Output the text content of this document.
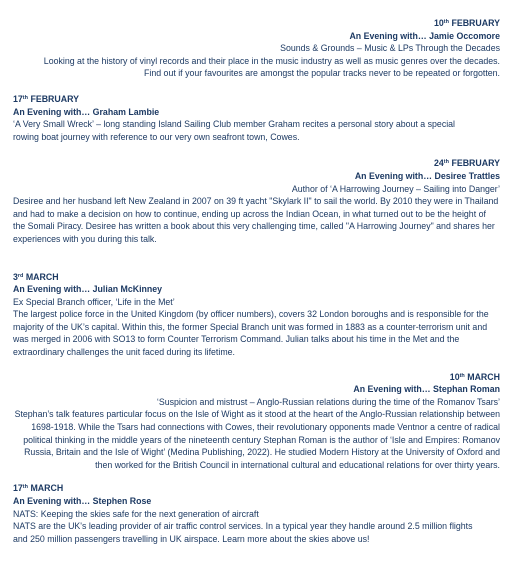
10th FEBRUARY
An Evening with… Jamie Occomore
Sounds & Grounds – Music & LPs Through the Decades
Looking at the history of vinyl records and their place in the music industry as well as music genres over the decades. Find out if your favourites are amongst the popular tracks never to be repeated or forgotten.
17th FEBRUARY
An Evening with… Graham Lambie
‘A Very Small Wreck’ – long standing Island Sailing Club member Graham recites a personal story about a special rowing boat journey with reference to our very own seafront town, Cowes.
24th FEBRUARY
An Evening with… Desiree Trattles
Author of ‘A Harrowing Journey – Sailing into Danger’
Desiree and her husband left New Zealand in 2007 on 39 ft yacht "Skylark II" to sail the world. By 2010 they were in Thailand and had to make a decision on how to continue, ending up across the Indian Ocean, in what turned out to be the height of the Somali Piracy. Desiree has written a book about this very challenging time, called "A Harrowing Journey" and shares her experiences with you during this talk.
3rd MARCH
An Evening with… Julian McKinney
Ex Special Branch officer, ‘Life in the Met’
The largest police force in the United Kingdom (by officer numbers), covers 32 London boroughs and is responsible for the majority of the UK’s capital. Within this, the former Special Branch unit was formed in 1883 as a counter-terrorism unit and was merged in 2006 with SO13 to form Counter Terrorism Command. Julian talks about his time in the Met and the extraordinary challenges the unit faced during its lifetime.
10th MARCH
An Evening with… Stephan Roman
‘Suspicion and mistrust – Anglo-Russian relations during the time of the Romanov Tsars’
Stephan’s talk features particular focus on the Isle of Wight as it stood at the heart of the Anglo-Russian relationship between 1698-1918. While the Tsars had connections with Cowes, their revolutionary opponents made Ventnor a centre of radical political thinking in the middle years of the nineteenth century Stephan Roman is the author of ‘Isle and Empires: Romanov Russia, Britain and the Isle of Wight’ (Medina Publishing, 2022). He studied Modern History at the University of Oxford and then worked for the British Council in international cultural and educational relations for over thirty years.
17th MARCH
An Evening with… Stephen Rose
NATS: Keeping the skies safe for the next generation of aircraft
NATS are the UK's leading provider of air traffic control services. In a typical year they handle around 2.5 million flights and 250 million passengers travelling in UK airspace. Learn more about the skies above us!
